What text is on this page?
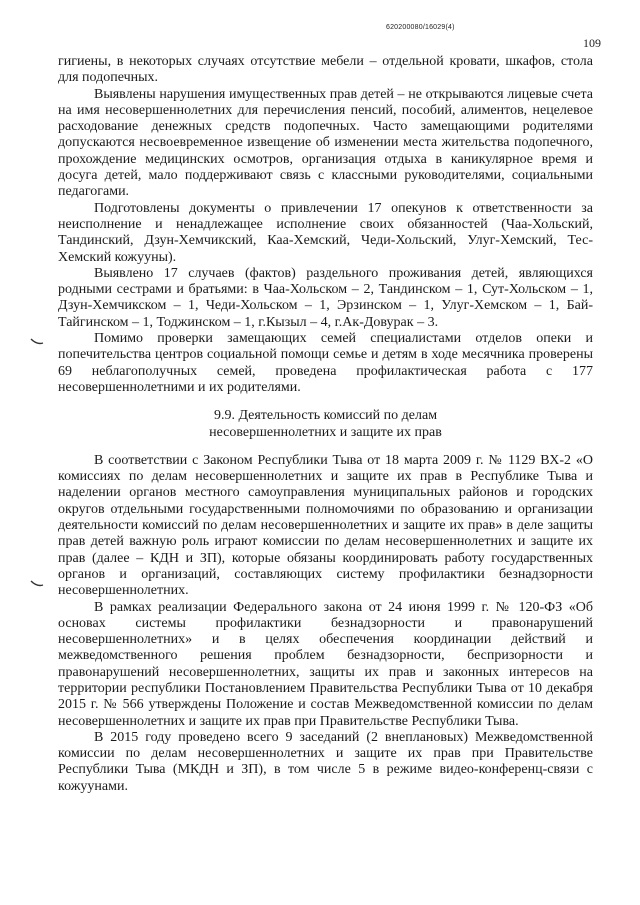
620200080/16029(4)
109

гигиены, в некоторых случаях отсутствие мебели – отдельной кровати, шкафов, стола для подопечных.

Выявлены нарушения имущественных прав детей – не открываются лицевые счета на имя несовершеннолетних для перечисления пенсий, пособий, алиментов, нецелевое расходование денежных средств подопечных. Часто замещающими родителями допускаются несвоевременное извещение об изменении места жительства подопечного, прохождение медицинских осмотров, организация отдыха в каникулярное время и досуга детей, мало поддерживают связь с классными руководителями, социальными педагогами.

Подготовлены документы о привлечении 17 опекунов к ответственности за неисполнение и ненадлежащее исполнение своих обязанностей (Чаа-Хольский, Тандинский, Дзун-Хемчикский, Каа-Хемский, Чеди-Хольский, Улуг-Хемский, Тес-Хемский кожууны).

Выявлено 17 случаев (фактов) раздельного проживания детей, являющихся родными сестрами и братьями: в Чаа-Хольском – 2, Тандинском – 1, Сут-Хольском – 1, Дзун-Хемчикском – 1, Чеди-Хольском – 1, Эрзинском – 1, Улуг-Хемском – 1, Бай-Тайгинском – 1, Тоджинском – 1, г.Кызыл – 4, г.Ак-Довурак – 3.

Помимо проверки замещающих семей специалистами отделов опеки и попечительства центров социальной помощи семье и детям в ходе месячника проверены 69 неблагополучных семей, проведена профилактическая работа с 177 несовершеннолетними и их родителями.

9.9. Деятельность комиссий по делам
несовершеннолетних и защите их прав

В соответствии с Законом Республики Тыва от 18 марта 2009 г. № 1129 ВХ-2 «О комиссиях по делам несовершеннолетних и защите их прав в Республике Тыва и наделении органов местного самоуправления муниципальных районов и городских округов отдельными государственными полномочиями по образованию и организации деятельности комиссий по делам несовершеннолетних и защите их прав» в деле защиты прав детей важную роль играют комиссии по делам несовершеннолетних и защите их прав (далее – КДН и ЗП), которые обязаны координировать работу государственных органов и организаций, составляющих систему профилактики безнадзорности несовершеннолетних.

В рамках реализации Федерального закона от 24 июня 1999 г. № 120-ФЗ «Об основах системы профилактики безнадзорности и правонарушений несовершеннолетних» и в целях обеспечения координации действий и межведомственного решения проблем безнадзорности, беспризорности и правонарушений несовершеннолетних, защиты их прав и законных интересов на территории республики Постановлением Правительства Республики Тыва от 10 декабря 2015 г. № 566 утверждены Положение и состав Межведомственной комиссии по делам несовершеннолетних и защите их прав при Правительстве Республики Тыва.

В 2015 году проведено всего 9 заседаний (2 внеплановых) Межведомственной комиссии по делам несовершеннолетних и защите их прав при Правительстве Республики Тыва (МКДН и ЗП), в том числе 5 в режиме видео-конференц-связи с кожуунами.
